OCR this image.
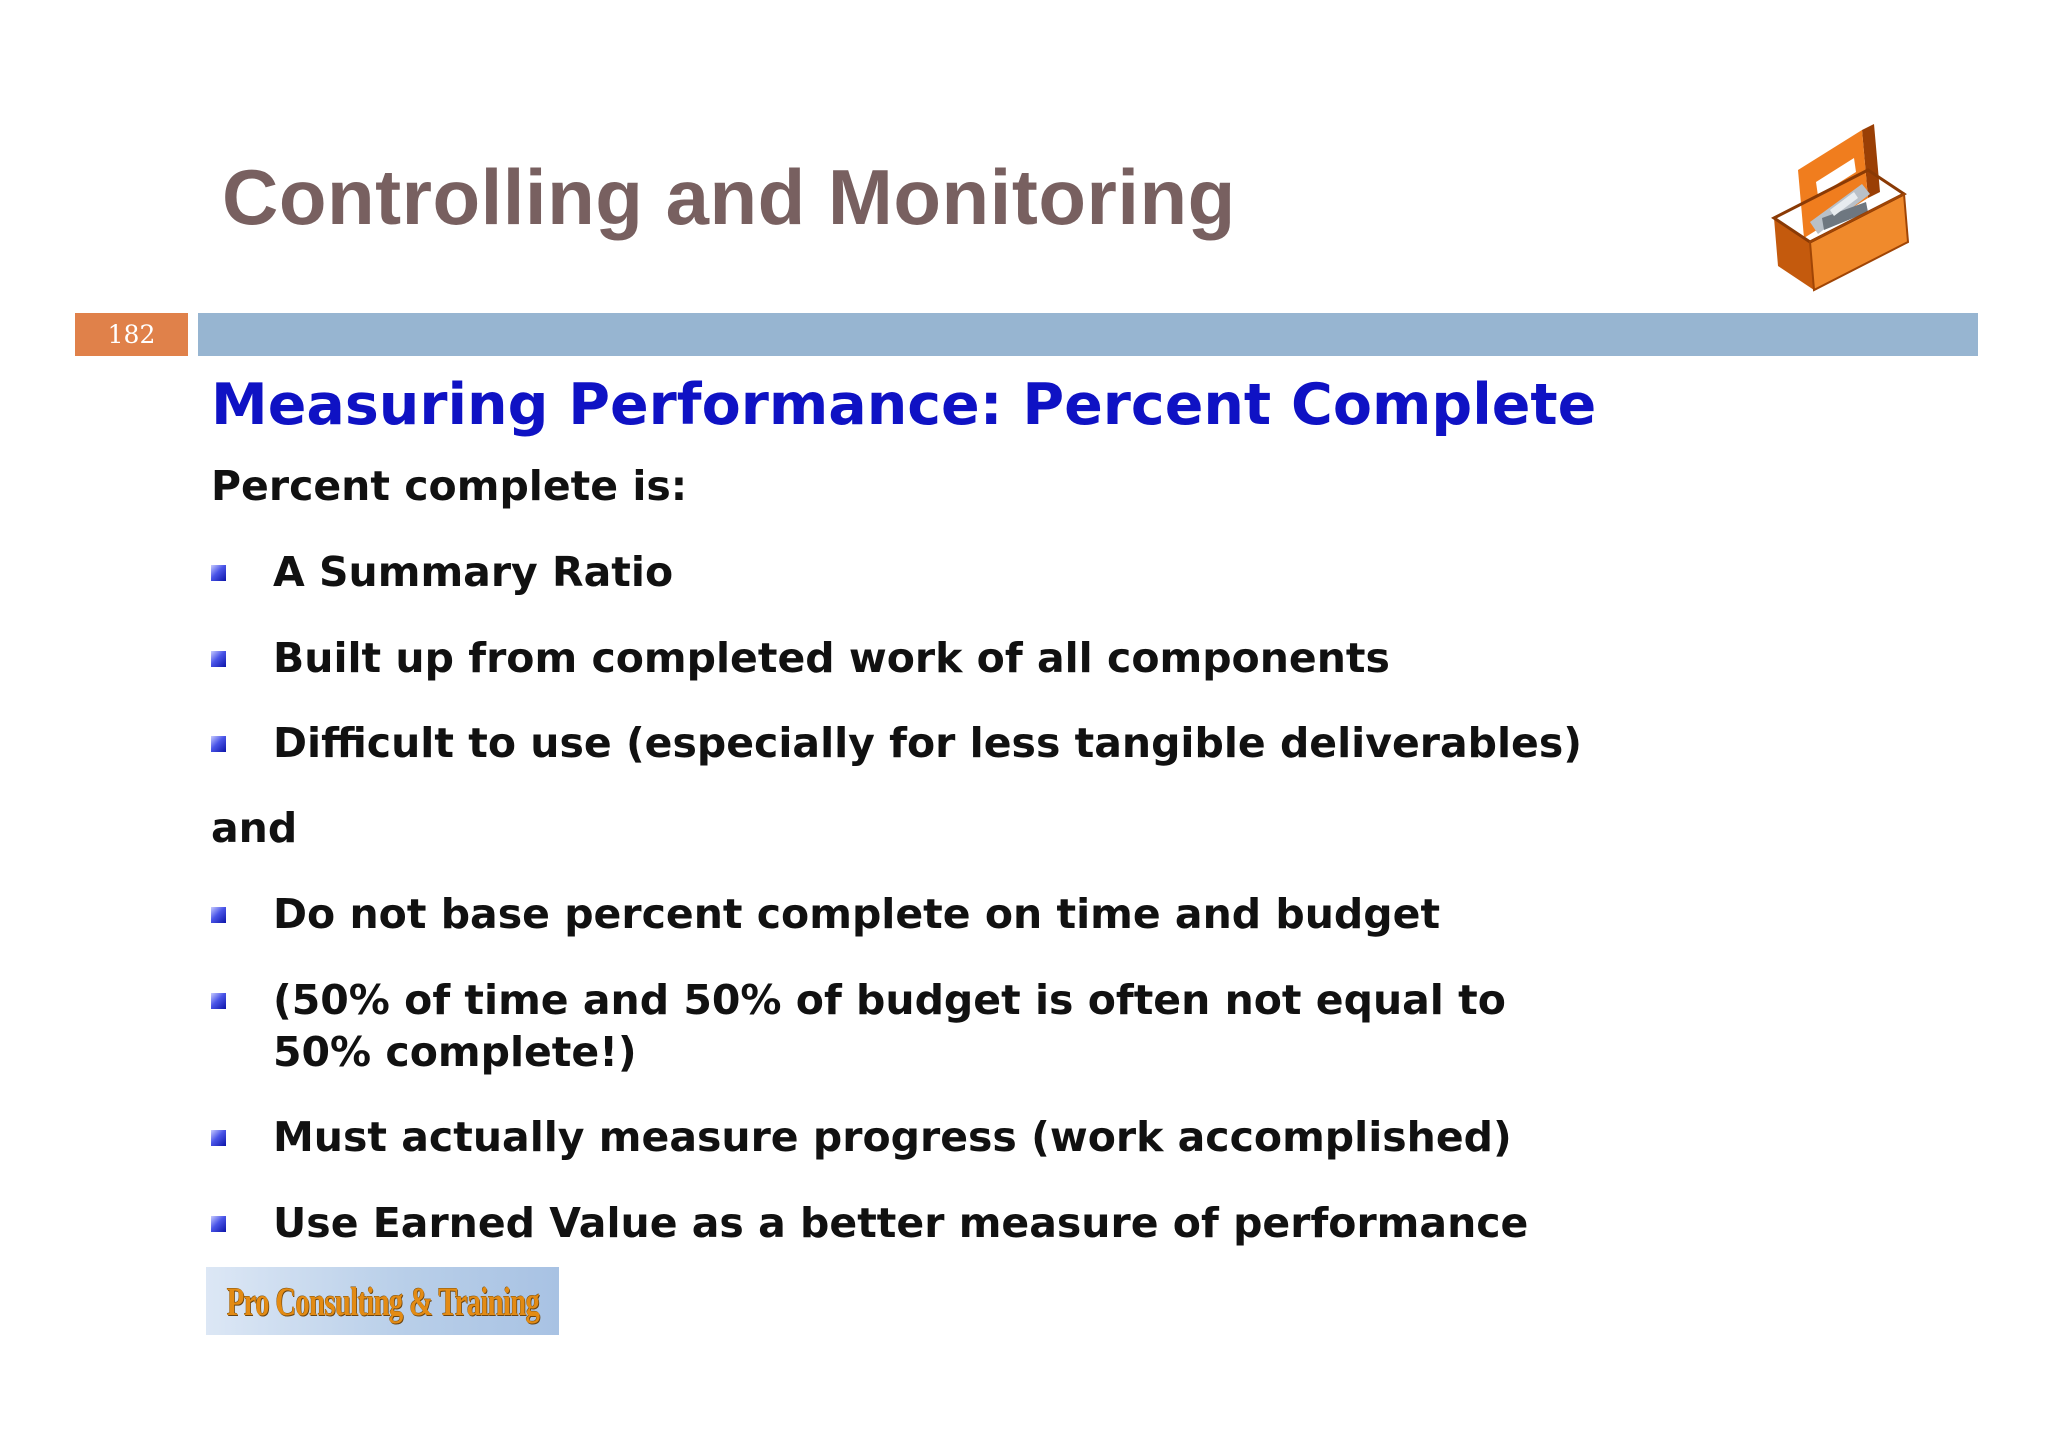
Controlling and Monitoring
182
Measuring Performance: Percent Complete

Percent complete is:

A Summary Ratio
Built up from completed work of all components
Difficult to use (especially for less tangible deliverables)

and

Do not base percent complete on time and budget
(50% of time and 50% of budget is often not equal to 50% complete!)
Must actually measure progress (work accomplished)
Use Earned Value as a better measure of performance
Pro Consulting & Training
